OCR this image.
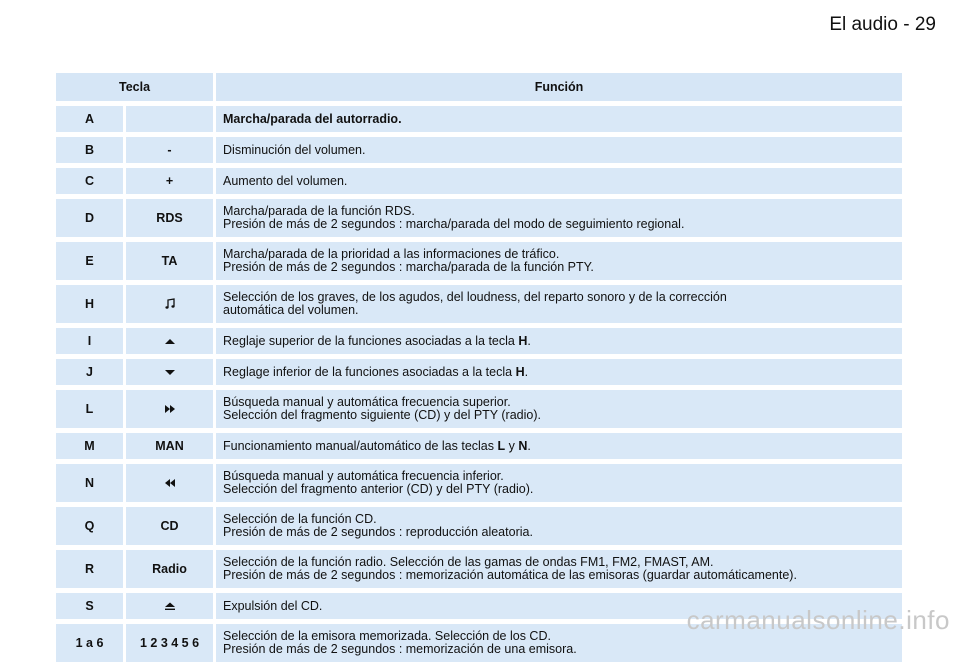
El audio - 29
Tecla		Función
A		Marcha/parada del autorradio.
B	-	Disminución del volumen.
C	+	Aumento del volumen.
D	RDS	Marcha/parada de la función RDS.
Presión de más de 2 segundos : marcha/parada del modo de seguimiento regional.

E	TA	Marcha/parada de la prioridad a las informaciones de tráfico.
Presión de más de 2 segundos : marcha/parada de la función PTY.

H		Selección de los graves, de los agudos, del loudness, del reparto sonoro y de la corrección
automática del volumen.

I		Reglaje superior de la funciones asociadas a la tecla H.
J		Reglage inferior de la funciones asociadas a la tecla H.
L		Búsqueda manual y automática frecuencia superior.
Selección del fragmento siguiente (CD) y del PTY (radio).

M	MAN	Funcionamiento manual/automático de las teclas L y N.
N		Búsqueda manual y automática frecuencia inferior.
Selección del fragmento anterior (CD) y del PTY (radio).

Q	CD	Selección de la función CD.
Presión de más de 2 segundos : reproducción aleatoria.

R	Radio	Selección de la función radio. Selección de las gamas de ondas FM1, FM2, FMAST, AM.
Presión de más de 2 segundos : memorización automática de las emisoras (guardar automáticamente).

S		Expulsión del CD.
1 a 6	1 2 3 4 5 6	Selección de la emisora memorizada. Selección de los CD.
Presión de más de 2 segundos : memorización de una emisora.
carmanualsonline.info
